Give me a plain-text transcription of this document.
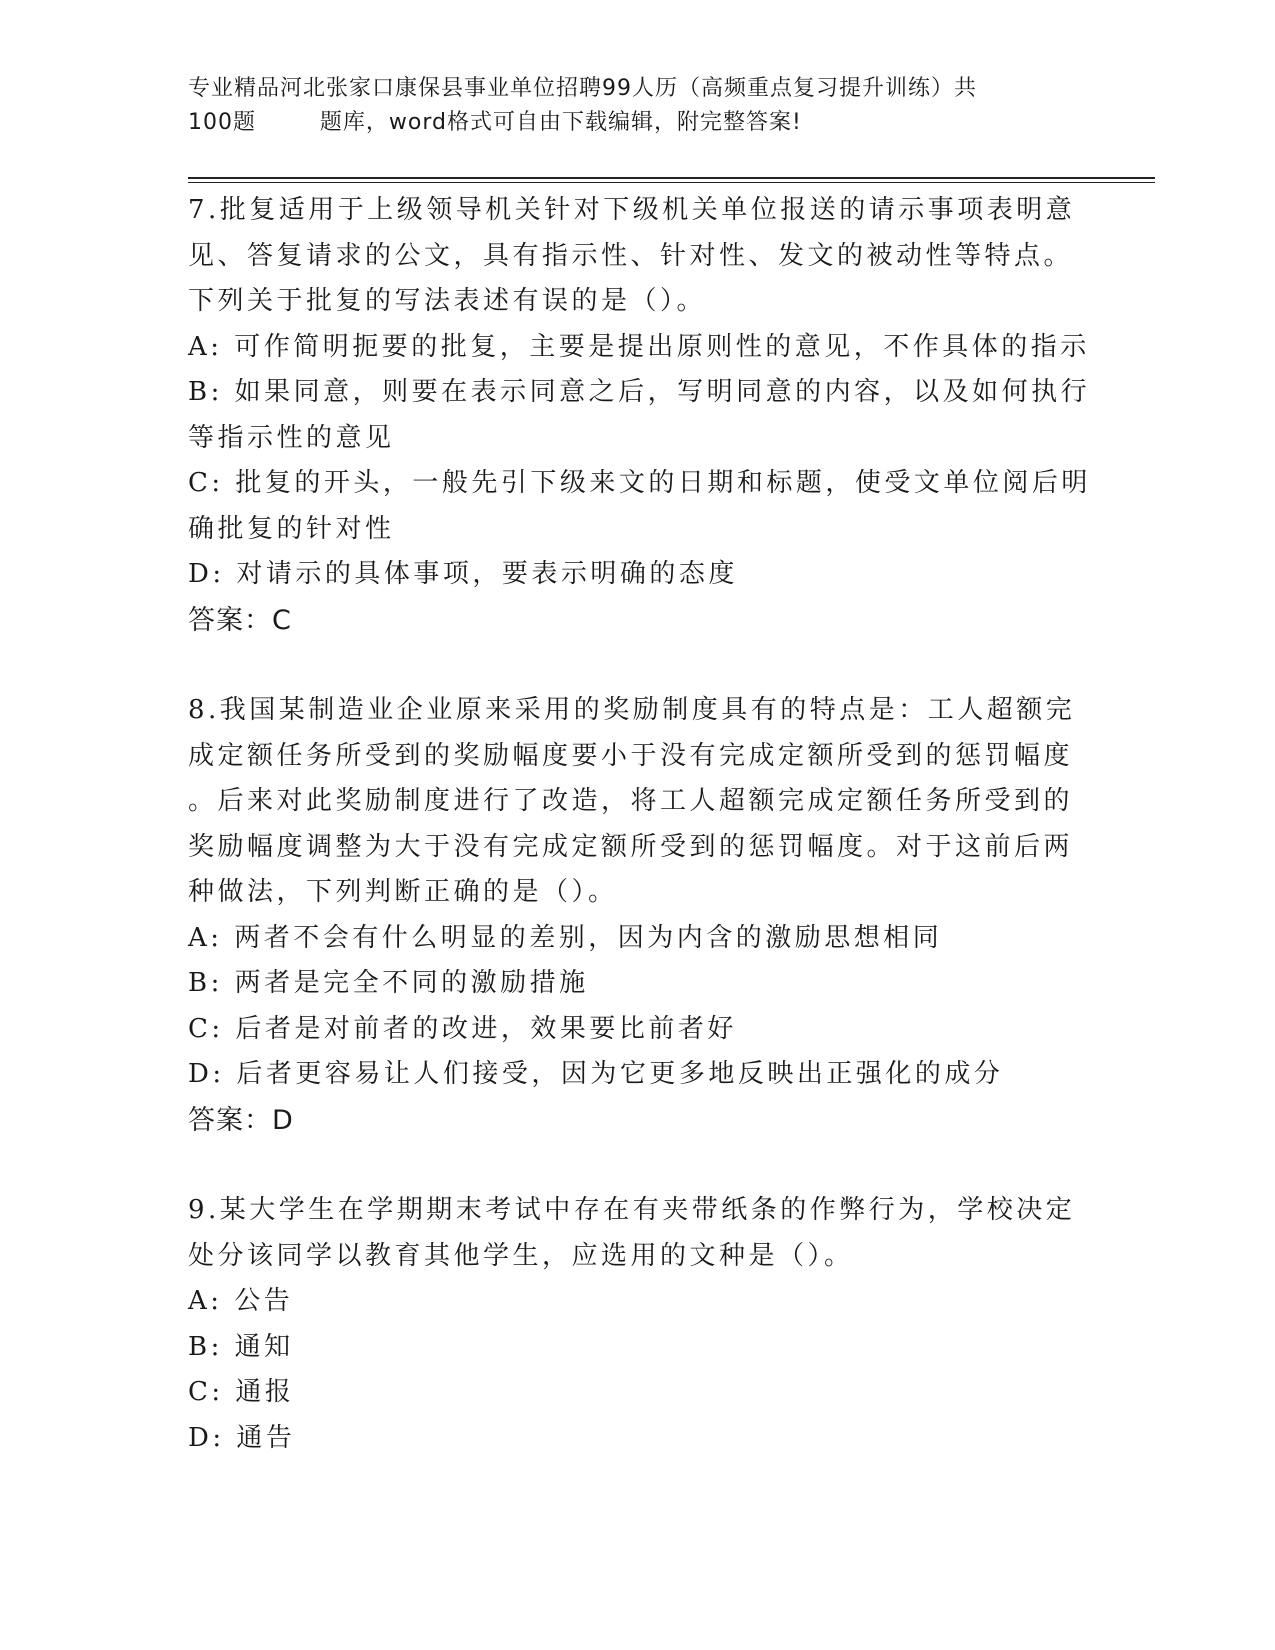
专业精品河北张家口康保县事业单位招聘99人历（高频重点复习提升训练）共
100题        题库，word格式可自由下载编辑，附完整答案!

7.批复适用于上级领导机关针对下级机关单位报送的请示事项表明意

见、答复请求的公文，具有指示性、针对性、发文的被动性等特点。

下列关于批复的写法表述有误的是（）。

A: 可作简明扼要的批复，主要是提出原则性的意见，不作具体的指示

B: 如果同意，则要在表示同意之后，写明同意的内容，以及如何执行

等指示性的意见

C: 批复的开头，一般先引下级来文的日期和标题，使受文单位阅后明

确批复的针对性

D: 对请示的具体事项，要表示明确的态度

答案：C

8.我国某制造业企业原来采用的奖励制度具有的特点是：工人超额完

成定额任务所受到的奖励幅度要小于没有完成定额所受到的惩罚幅度

。后来对此奖励制度进行了改造，将工人超额完成定额任务所受到的

奖励幅度调整为大于没有完成定额所受到的惩罚幅度。对于这前后两

种做法，下列判断正确的是（）。

A: 两者不会有什么明显的差别，因为内含的激励思想相同

B: 两者是完全不同的激励措施

C: 后者是对前者的改进，效果要比前者好

D: 后者更容易让人们接受，因为它更多地反映出正强化的成分

答案：D

9.某大学生在学期期末考试中存在有夹带纸条的作弊行为，学校决定

处分该同学以教育其他学生，应选用的文种是（）。

A: 公告

B: 通知

C: 通报

D: 通告
